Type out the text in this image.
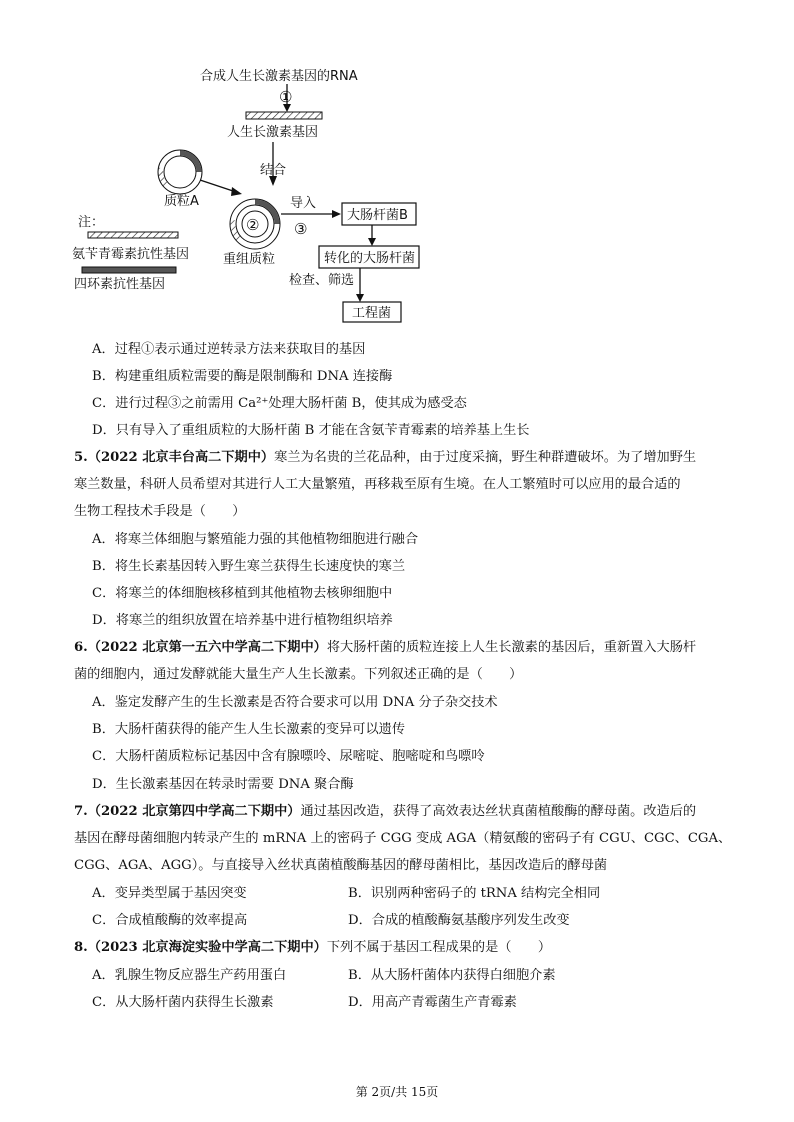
合成人生长激素基因的RNA
①
人生长激素基因
结合
质粒A
②
重组质粒
注：
氨苄青霉素抗性基因
四环素抗性基因
导入
③
大肠杆菌B
转化的大肠杆菌
检查、筛选
工程菌
A．过程①表示通过逆转录方法来获取目的基因
B．构建重组质粒需要的酶是限制酶和 DNA 连接酶
C．进行过程③之前需用 Ca²⁺处理大肠杆菌 B，使其成为感受态
D．只有导入了重组质粒的大肠杆菌 B 才能在含氨苄青霉素的培养基上生长
5.（2022 北京丰台高二下期中）寒兰为名贵的兰花品种，由于过度采摘，野生种群遭破坏。为了增加野生
寒兰数量，科研人员希望对其进行人工大量繁殖，再移栽至原有生境。在人工繁殖时可以应用的最合适的
生物工程技术手段是（　　）
A．将寒兰体细胞与繁殖能力强的其他植物细胞进行融合
B．将生长素基因转入野生寒兰获得生长速度快的寒兰
C．将寒兰的体细胞核移植到其他植物去核卵细胞中
D．将寒兰的组织放置在培养基中进行植物组织培养
6.（2022 北京第一五六中学高二下期中）将大肠杆菌的质粒连接上人生长激素的基因后，重新置入大肠杆
菌的细胞内，通过发酵就能大量生产人生长激素。下列叙述正确的是（　　）
A．鉴定发酵产生的生长激素是否符合要求可以用 DNA 分子杂交技术
B．大肠杆菌获得的能产生人生长激素的变异可以遗传
C．大肠杆菌质粒标记基因中含有腺嘌呤、尿嘧啶、胞嘧啶和鸟嘌呤
D．生长激素基因在转录时需要 DNA 聚合酶
7.（2022 北京第四中学高二下期中）通过基因改造，获得了高效表达丝状真菌植酸酶的酵母菌。改造后的
基因在酵母菌细胞内转录产生的 mRNA 上的密码子 CGG 变成 AGA（精氨酸的密码子有 CGU、CGC、CGA、
CGG、AGA、AGG）。与直接导入丝状真菌植酸酶基因的酵母菌相比，基因改造后的酵母菌
A．变异类型属于基因突变	B．识别两种密码子的 tRNA 结构完全相同
C．合成植酸酶的效率提高	D．合成的植酸酶氨基酸序列发生改变
8.（2023 北京海淀实验中学高二下期中）下列不属于基因工程成果的是（　　）
A．乳腺生物反应器生产药用蛋白	B．从大肠杆菌体内获得白细胞介素
C．从大肠杆菌内获得生长激素	D．用高产青霉菌生产青霉素
第 2页/共 15页
